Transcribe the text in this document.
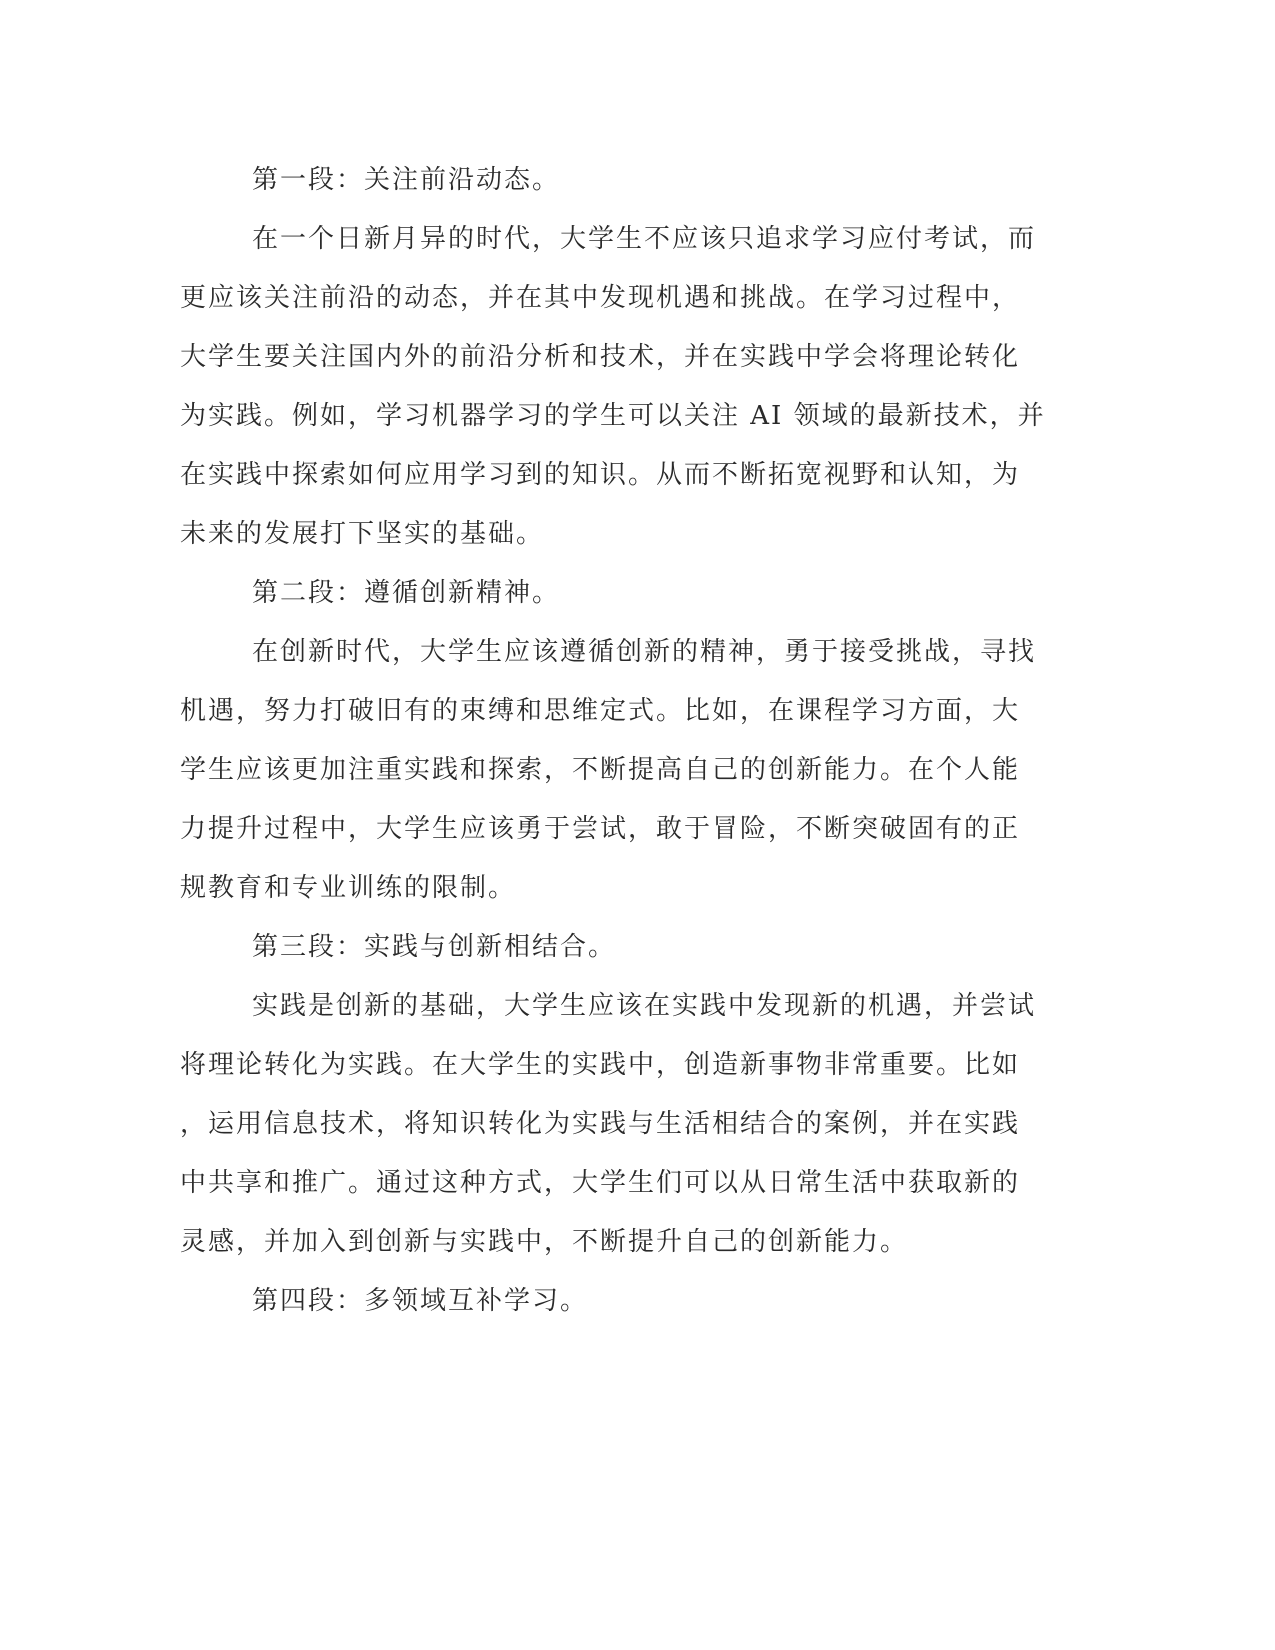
第一段：关注前沿动态。
在一个日新月异的时代，大学生不应该只追求学习应付考试，而
更应该关注前沿的动态，并在其中发现机遇和挑战。在学习过程中，
大学生要关注国内外的前沿分析和技术，并在实践中学会将理论转化
为实践。例如，学习机器学习的学生可以关注 AI 领域的最新技术，并
在实践中探索如何应用学习到的知识。从而不断拓宽视野和认知，为
未来的发展打下坚实的基础。
第二段：遵循创新精神。
在创新时代，大学生应该遵循创新的精神，勇于接受挑战，寻找
机遇，努力打破旧有的束缚和思维定式。比如，在课程学习方面，大
学生应该更加注重实践和探索，不断提高自己的创新能力。在个人能
力提升过程中，大学生应该勇于尝试，敢于冒险，不断突破固有的正
规教育和专业训练的限制。
第三段：实践与创新相结合。
实践是创新的基础，大学生应该在实践中发现新的机遇，并尝试
将理论转化为实践。在大学生的实践中，创造新事物非常重要。比如
，运用信息技术，将知识转化为实践与生活相结合的案例，并在实践
中共享和推广。通过这种方式，大学生们可以从日常生活中获取新的
灵感，并加入到创新与实践中，不断提升自己的创新能力。
第四段：多领域互补学习。
